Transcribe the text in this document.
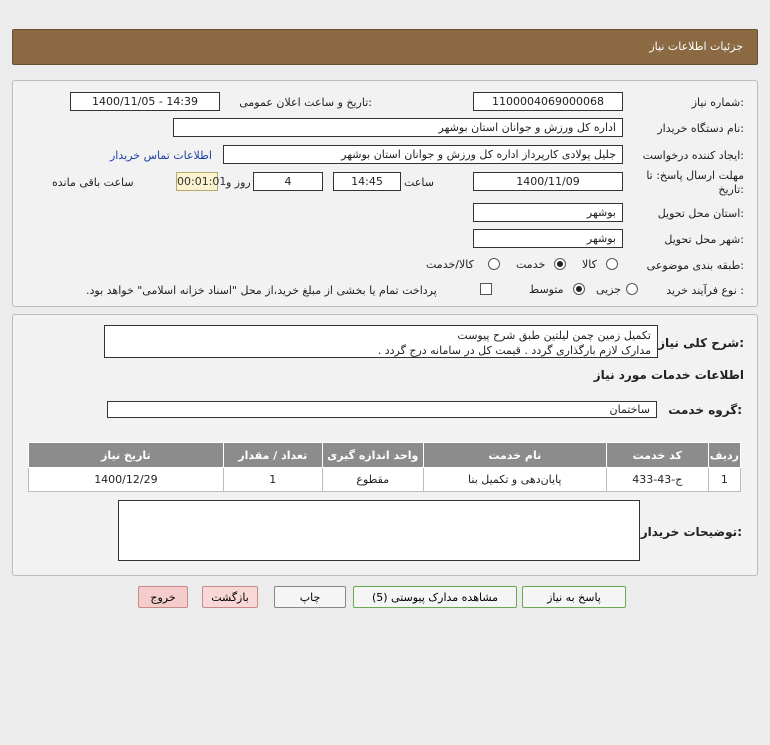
جزئیات اطلاعات نیاز
شماره نیاز:
1100004069000068
تاریخ و ساعت اعلان عمومی:
1400/11/05 - 14:39
نام دستگاه خریدار:
اداره کل ورزش و جوانان استان بوشهر
ایجاد کننده درخواست:
جلیل پولادی کارپرداز اداره کل ورزش و جوانان استان بوشهر
اطلاعات تماس خریدار
مهلت ارسال پاسخ: تا تاریخ:
1400/11/09
ساعت
14:45
4
روز و
00:01:01
ساعت باقی مانده
استان محل تحویل:
بوشهر
شهر محل تحویل:
بوشهر
طبقه بندی موضوعی:
کالا
خدمت
کالا/خدمت
نوع فرآیند خرید :
جزیی
متوسط
پرداخت تمام یا بخشی از مبلغ خرید،از محل "اسناد خزانه اسلامی" خواهد بود.
شرح کلی نیاز:
تکمیل زمین چمن لیلتین طبق شرح پیوست
مدارک لازم بارگذاری گردد . قیمت کل در سامانه درج گردد .
اطلاعات خدمات مورد نیاز
گروه خدمت:
ساختمان
ردیف	کد خدمت	نام خدمت	واحد اندازه گیری	تعداد / مقدار	تاریخ نیاز
1	ج-43-433	پایان‌دهی و تکمیل بنا	مقطوع	1	1400/12/29
توضیحات خریدار:
پاسخ به نیاز
مشاهده مدارک پیوستی (5)
چاپ
بازگشت
خروج
